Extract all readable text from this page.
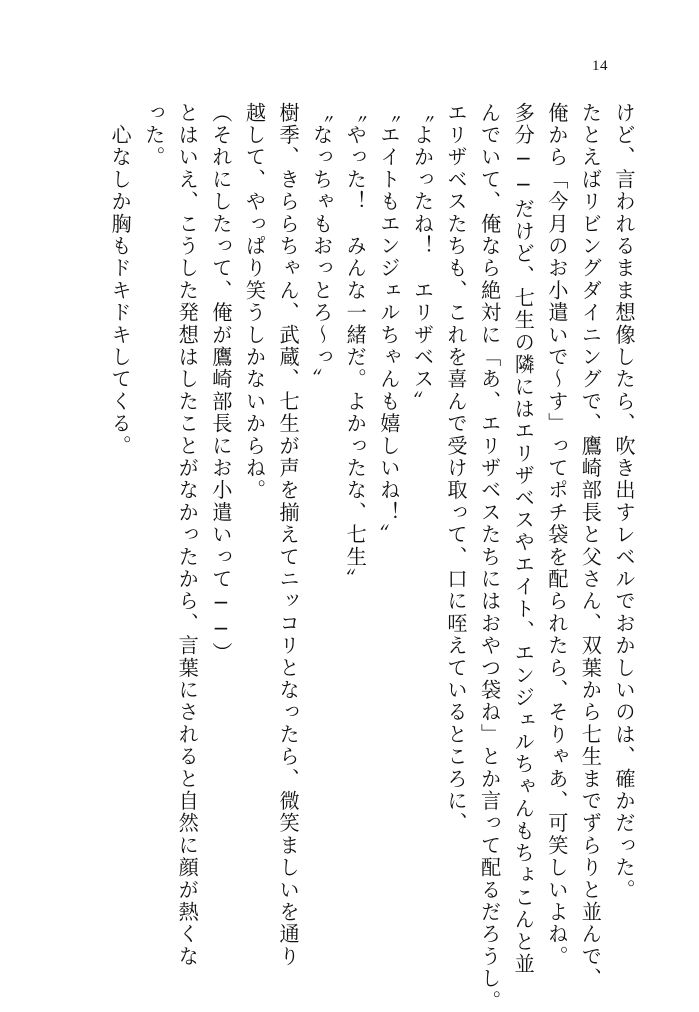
14
けど、言われるまま想像したら、吹き出すレベルでおかしいのは、確かだった。
たとえばリビングダイニングで、鷹崎部長と父さん、双葉から七生までずらりと並んで、
俺から「今月のお小遣いで〜す」ってポチ袋を配られたら、そりゃあ、可笑しいよね。
多分──だけど、七生の隣にはエリザベスやエイト、エンジェルちゃんもちょこんと並
んでいて、俺なら絶対に「あ、エリザベスたちにはおやつ袋ね」とか言って配るだろうし。
エリザベスたちも、これを喜んで受け取って、口に咥えているところに、
〝よかったね！　エリザベス〟
〝エイトもエンジェルちゃんも嬉しいね！〟
〝やった！　みんな一緒だ。よかったな、七生〟
〝なっちゃもおっとろ〜っ〟
樹季、きららちゃん、武蔵、七生が声を揃えてニッコリとなったら、微笑ましいを通り
越して、やっぱり笑うしかないからね。
（それにしたって、俺が鷹崎部長にお小遣いって──）
とはいえ、こうした発想はしたことがなかったから、言葉にされると自然に顔が熱くな
った。
　心なしか胸もドキドキしてくる。
